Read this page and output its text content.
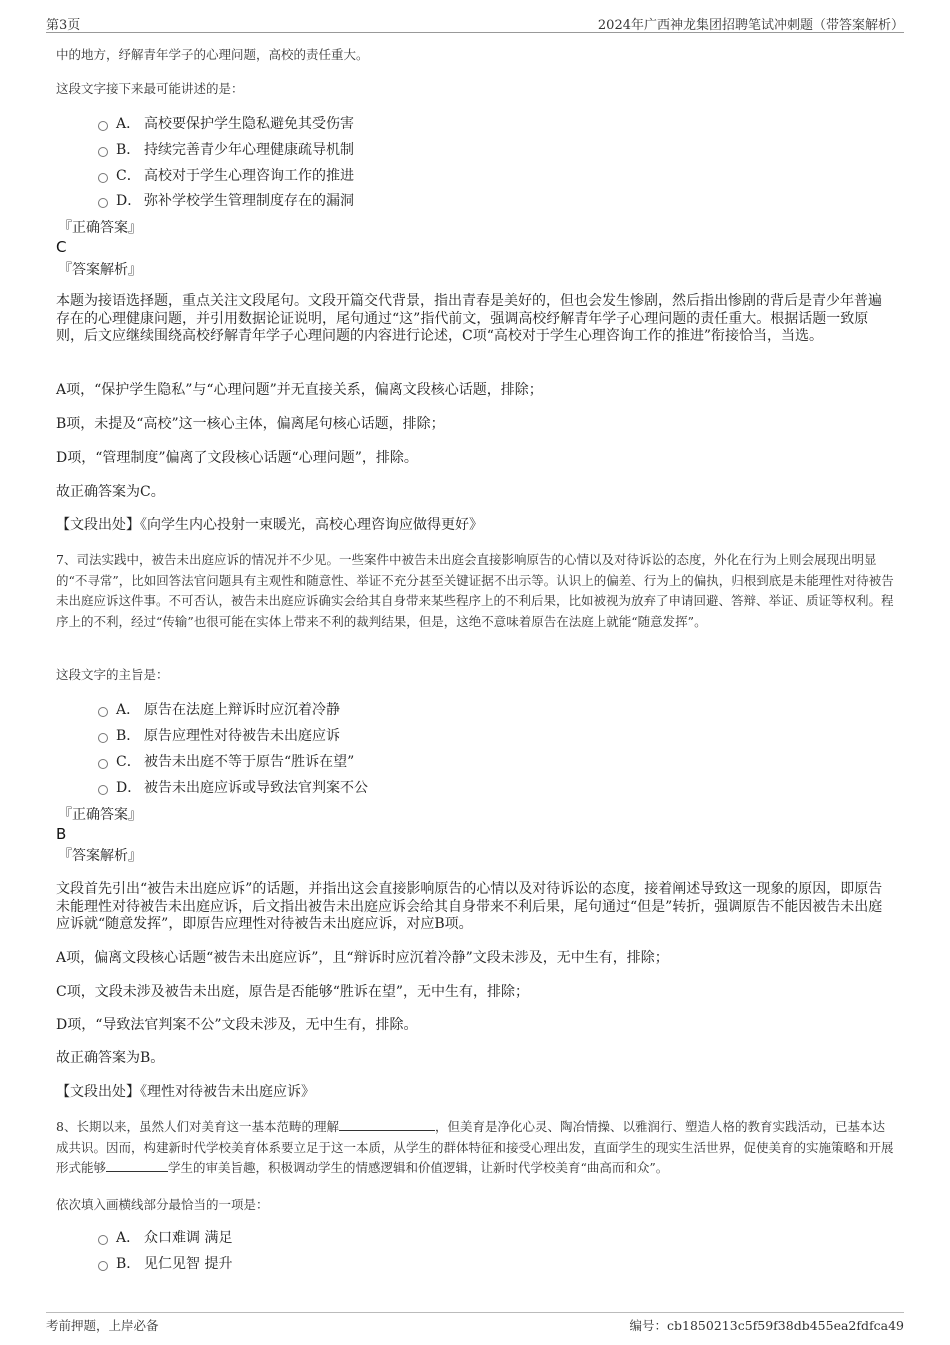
第3页	2024年广西神龙集团招聘笔试冲刺题（带答案解析）
中的地方，纾解青年学子的心理问题，高校的责任重大。
这段文字接下来最可能讲述的是：
A． 高校要保护学生隐私避免其受伤害
B． 持续完善青少年心理健康疏导机制
C． 高校对于学生心理咨询工作的推进
D． 弥补学校学生管理制度存在的漏洞
『正确答案』
C
『答案解析』
本题为接语选择题，重点关注文段尾句。文段开篇交代背景，指出青春是美好的，但也会发生惨剧，然后指出惨剧的背后是青少年普遍存在的心理健康问题，并引用数据论证说明，尾句通过“这”指代前文，强调高校纾解青年学子心理问题的责任重大。根据话题一致原则，后文应继续围绕高校纾解青年学子心理问题的内容进行论述，C项“高校对于学生心理咨询工作的推进”衔接恰当，当选。
A项，“保护学生隐私”与“心理问题”并无直接关系，偏离文段核心话题，排除；
B项，未提及“高校”这一核心主体，偏离尾句核心话题，排除；
D项，“管理制度”偏离了文段核心话题“心理问题”，排除。
故正确答案为C。
【文段出处】《向学生内心投射一束暖光，高校心理咨询应做得更好》
7、司法实践中，被告未出庭应诉的情况并不少见。一些案件中被告未出庭会直接影响原告的心情以及对待诉讼的态度，外化在行为上则会展现出明显的“不寻常”，比如回答法官问题具有主观性和随意性、举证不充分甚至关键证据不出示等。认识上的偏差、行为上的偏执，归根到底是未能理性对待被告未出庭应诉这件事。不可否认，被告未出庭应诉确实会给其自身带来某些程序上的不利后果，比如被视为放弃了申请回避、答辩、举证、质证等权利。程序上的不利，经过“传输”也很可能在实体上带来不利的裁判结果，但是，这绝不意味着原告在法庭上就能“随意发挥”。
这段文字的主旨是：
A． 原告在法庭上辩诉时应沉着冷静
B． 原告应理性对待被告未出庭应诉
C． 被告未出庭不等于原告“胜诉在望”
D． 被告未出庭应诉或导致法官判案不公
『正确答案』
B
『答案解析』
文段首先引出“被告未出庭应诉”的话题，并指出这会直接影响原告的心情以及对待诉讼的态度，接着阐述导致这一现象的原因，即原告未能理性对待被告未出庭应诉，后文指出被告未出庭应诉会给其自身带来不利后果，尾句通过“但是”转折，强调原告不能因被告未出庭应诉就“随意发挥”，即原告应理性对待被告未出庭应诉，对应B项。
A项，偏离文段核心话题“被告未出庭应诉”，且“辩诉时应沉着冷静”文段未涉及，无中生有，排除；
C项，文段未涉及被告未出庭，原告是否能够“胜诉在望”，无中生有，排除；
D项，“导致法官判案不公”文段未涉及，无中生有，排除。
故正确答案为B。
【文段出处】《理性对待被告未出庭应诉》
8、长期以来，虽然人们对美育这一基本范畴的理解	，但美育是净化心灵、陶冶情操、以雅润行、塑造人格的教育实践活动，已基本达成共识。因而，构建新时代学校美育体系要立足于这一本质，从学生的群体特征和接受心理出发，直面学生的现实生活世界，促使美育的实施策略和开展形式能够	学生的审美旨趣，积极调动学生的情感逻辑和价值逻辑，让新时代学校美育“曲高而和众”。
依次填入画横线部分最恰当的一项是：
A． 众口难调 满足
B． 见仁见智 提升
考前押题，上岸必备	编号：cb1850213c5f59f38db455ea2fdfca49
